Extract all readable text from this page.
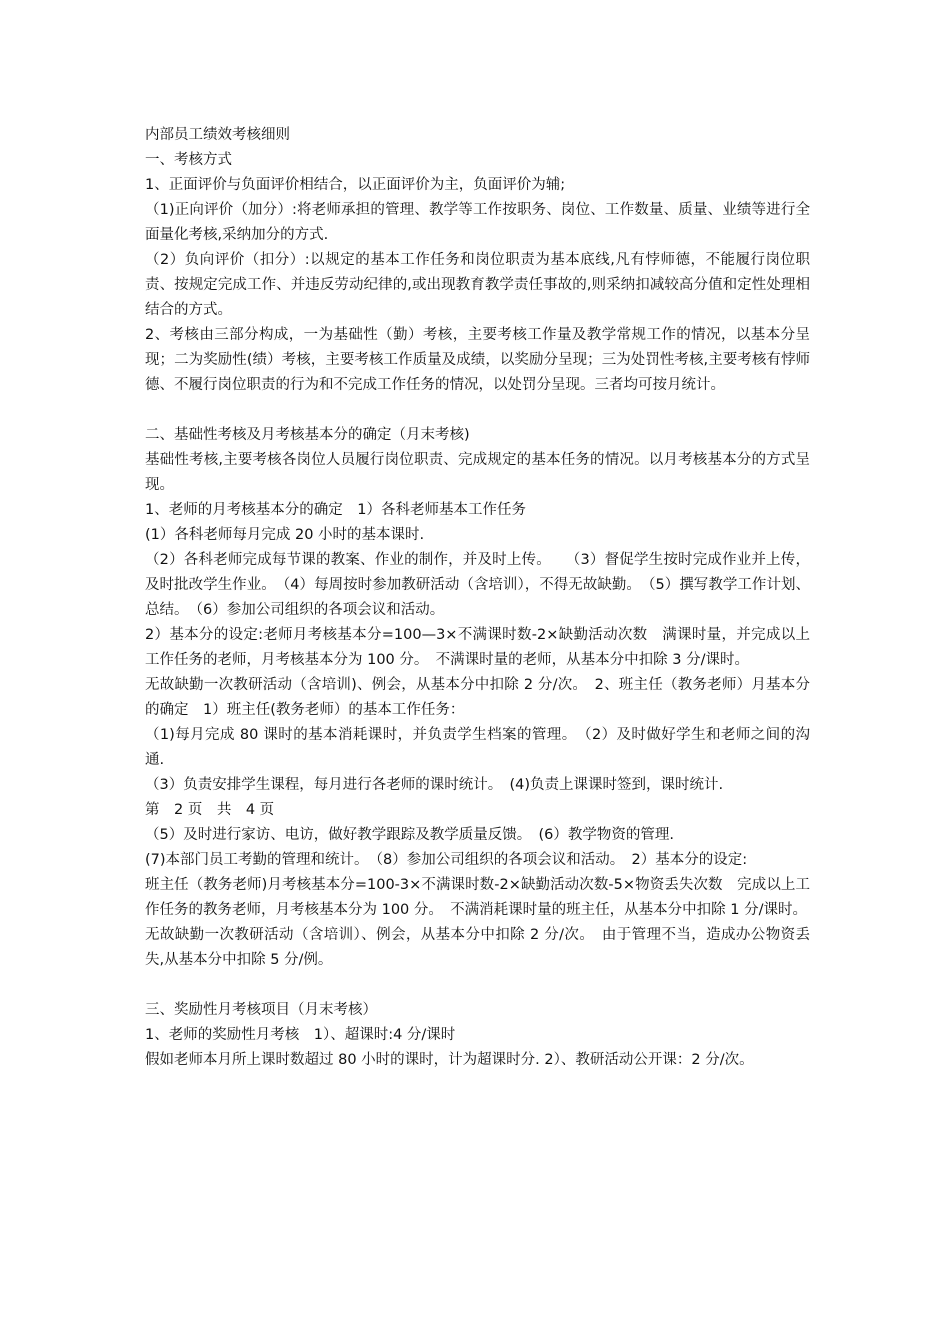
内部员工绩效考核细则

一、考核方式

1、正面评价与负面评价相结合，以正面评价为主，负面评价为辅;

（1)正向评价（加分）:将老师承担的管理、教学等工作按职务、岗位、工作数量、质量、业绩等进行全面量化考核,采纳加分的方式.

（2）负向评价（扣分）:以规定的基本工作任务和岗位职责为基本底线,凡有悖师德，不能履行岗位职责、按规定完成工作、并违反劳动纪律的,或出现教育教学责任事故的,则采纳扣减较高分值和定性处理相结合的方式。

2、考核由三部分构成，一为基础性（勤）考核，主要考核工作量及教学常规工作的情况，以基本分呈现；二为奖励性(绩）考核，主要考核工作质量及成绩，以奖励分呈现；三为处罚性考核,主要考核有悖师德、不履行岗位职责的行为和不完成工作任务的情况，以处罚分呈现。三者均可按月统计。

二、基础性考核及月考核基本分的确定（月末考核)

基础性考核,主要考核各岗位人员履行岗位职责、完成规定的基本任务的情况。以月考核基本分的方式呈现。

1、老师的月考核基本分的确定　1）各科老师基本工作任务

(1）各科老师每月完成 20 小时的基本课时.

（2）各科老师完成每节课的教案、作业的制作，并及时上传。　　（3）督促学生按时完成作业并上传，及时批改学生作业。　（4）每周按时参加教研活动（含培训），不得无故缺勤。　（5）撰写教学工作计划、总结。　（6）参加公司组织的各项会议和活动。

2）基本分的设定:老师月考核基本分=100—3×不满课时数-2×缺勤活动次数　满课时量，并完成以上工作任务的老师，月考核基本分为 100 分。　不满课时量的老师，从基本分中扣除 3 分/课时。

无故缺勤一次教研活动（含培训)、例会，从基本分中扣除 2 分/次。　2、班主任（教务老师）月基本分的确定　1）班主任(教务老师）的基本工作任务：

（1)每月完成 80 课时的基本消耗课时，并负责学生档案的管理。　（2）及时做好学生和老师之间的沟通.

（3）负责安排学生课程，每月进行各老师的课时统计。　(4)负责上课课时签到，课时统计.

第　2 页　共　4 页

（5）及时进行家访、电访，做好教学跟踪及教学质量反馈。　(6）教学物资的管理.

(7)本部门员工考勤的管理和统计。　（8）参加公司组织的各项会议和活动。　2）基本分的设定:

班主任（教务老师)月考核基本分=100-3×不满课时数-2×缺勤活动次数-5×物资丢失次数　完成以上工作任务的教务老师，月考核基本分为 100 分。　不满消耗课时量的班主任，从基本分中扣除 1 分/课时。

无故缺勤一次教研活动（含培训）、例会，从基本分中扣除 2 分/次。　由于管理不当，造成办公物资丢失,从基本分中扣除 5 分/例。

三、奖励性月考核项目（月末考核）

1、老师的奖励性月考核　1）、超课时:4 分/课时

假如老师本月所上课时数超过 80 小时的课时，计为超课时分. 2）、教研活动公开课：2 分/次。
